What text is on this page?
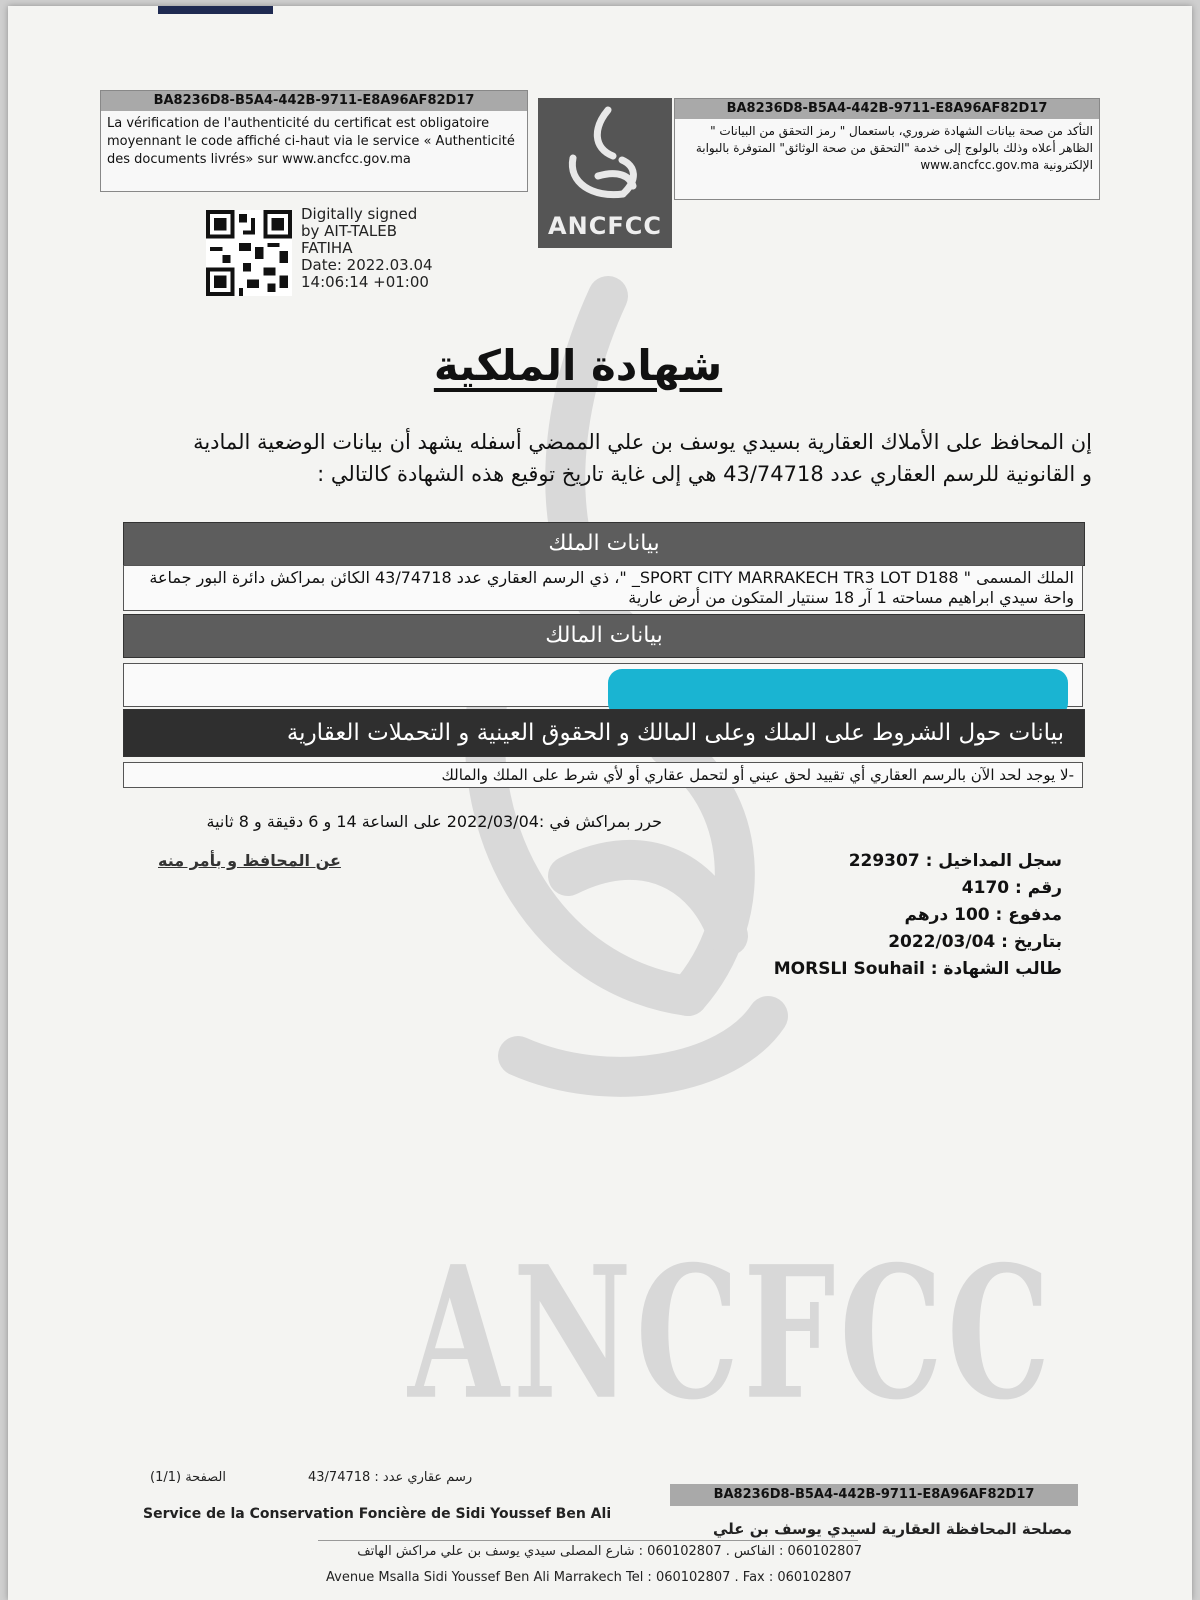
ANCFCC
BA8236D8-B5A4-442B-9711-E8A96AF82D17
La vérification de l'authenticité du certificat est obligatoire moyennant le code affiché ci-haut via le service « Authenticité des documents livrés» sur www.ancfcc.gov.ma
ANCFCC
BA8236D8-B5A4-442B-9711-E8A96AF82D17
التأكد من صحة بيانات الشهادة ضروري، باستعمال " رمز التحقق من البيانات " الظاهر أعلاه وذلك بالولوج إلى خدمة "التحقق من صحة الوثائق" المتوفرة بالبوابة الإلكترونية www.ancfcc.gov.ma
Digitally signed
by AIT-TALEB
FATIHA
Date: 2022.03.04
14:06:14 +01:00
شهادة الملكية
إن المحافظ على الأملاك العقارية بسيدي يوسف بن علي الممضي أسفله يشهد أن بيانات الوضعية المادية و القانونية للرسم العقاري عدد 43/74718 هي إلى غاية تاريخ توقيع هذه الشهادة كالتالي :
بيانات الملك
الملك المسمى " SPORT CITY MARRAKECH TR3 LOT D188_ "، ذي الرسم العقاري عدد 43/74718 الكائن بمراكش دائرة البور جماعة واحة سيدي ابراهيم مساحته 1 آر 18 سنتيار المتكون من أرض عارية
بيانات المالك
بيانات حول الشروط على الملك وعلى المالك و الحقوق العينية و التحملات العقارية
-لا يوجد لحد الآن بالرسم العقاري أي تقييد لحق عيني أو لتحمل عقاري أو لأي شرط على الملك والمالك
حرر بمراكش في :2022/03/04 على الساعة 14 و 6 دقيقة و 8 ثانية
عن المحافظ و بأمر منه	سجل المداخيل : 229307
رقم : 4170
مدفوع : 100 درهم
بتاريخ : 2022/03/04
طالب الشهادة : MORSLI Souhail
الصفحة (1/1)	رسم عقاري عدد : 43/74718
BA8236D8-B5A4-442B-9711-E8A96AF82D17
Service de la Conservation Foncière de Sidi Youssef Ben Ali
مصلحة المحافظة العقارية لسيدي يوسف بن علي
060102807 : الفاكس . 060102807 : شارع المصلى سيدي يوسف بن علي مراكش الهاتف
Avenue Msalla Sidi Youssef Ben Ali Marrakech Tel : 060102807 . Fax : 060102807
